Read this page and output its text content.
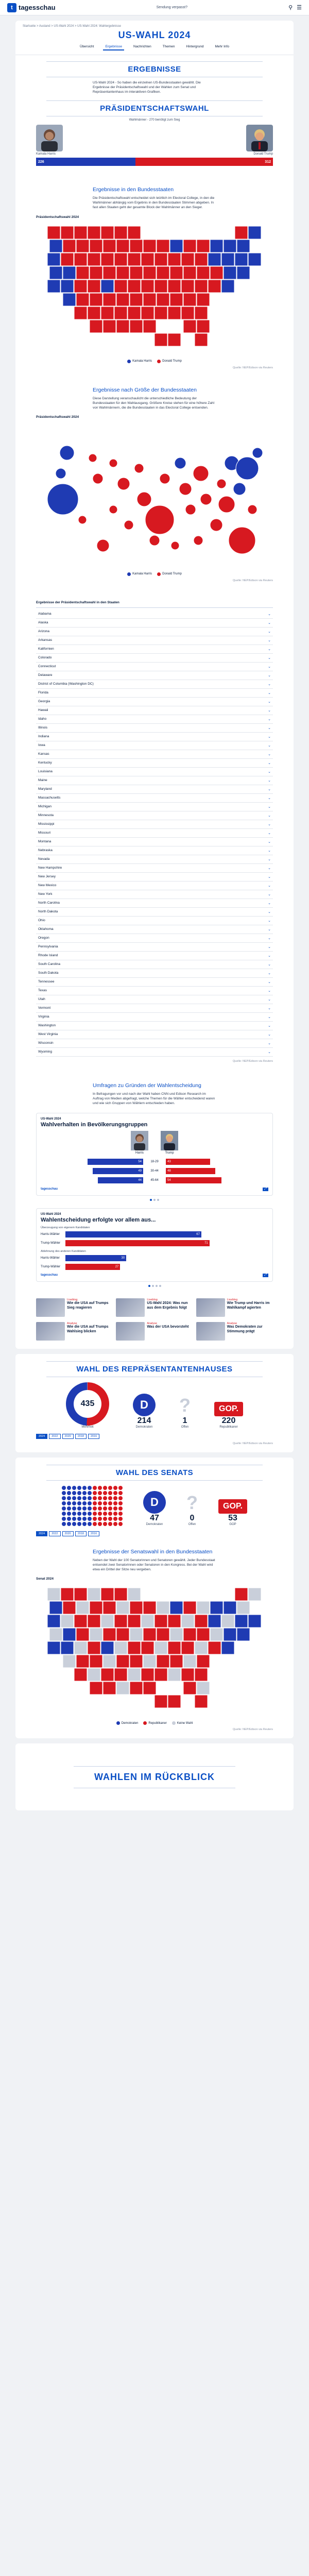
t tagesschau	Sendung verpasst?	⚲ ☰
Startseite > Ausland > US-Wahl 2024 > US-Wahl 2024: Wahlergebnisse
US-WAHL 2024
Übersicht	Ergebnisse	Nachrichten	Themen	Hintergrund	Mehr Info
ERGEBNISSE

US-Wahl 2024 - So haben die einzelnen US-Bundesstaaten gewählt. Die Ergebnisse der Präsidentschaftswahl und der Wahlen zum Senat und Repräsentantenhaus im interaktiven Grafiken.

PRÄSIDENTSCHAFTSWAHL
Wahlmänner - 270 benötigt zum Sieg
Kamala Harris	Donald Trump
226	312
Ergebnisse in den Bundesstaaten

Die Präsidentschaftswahl entscheidet sich letztlich im Electoral College, in den die Wahlmänner abhängig vom Ergebnis in den Bundesstaaten Stimmen abgeben. In fast allen Staaten geht der gesamte Block der Wahlmänner an den Sieger.

Präsidentschaftswahl 2024
Kamala Harris	Donald Trump
Quelle: NEP/Edison via Reuters
Ergebnisse nach Größe der Bundesstaaten

Diese Darstellung veranschaulicht die unterschiedliche Bedeutung der Bundesstaaten für den Wahlausgang. Größere Kreise stehen für eine höhere Zahl von Wahlmännern, die die Bundesstaaten in das Electoral College entsenden.

Präsidentschaftswahl 2024
Kamala Harris	Donald Trump
Quelle: NEP/Edison via Reuters
Ergebnisse der Präsidentschaftswahl in den Staaten
Alabama	⌄
Alaska	⌄
Arizona	⌄
Arkansas	⌄
Kalifornien	⌄
Colorado	⌄
Connecticut	⌄
Delaware	⌄
District of Columbia (Washington DC)	⌄
Florida	⌄
Georgia	⌄
Hawaii	⌄
Idaho	⌄
Illinois	⌄
Indiana	⌄
Iowa	⌄
Kansas	⌄
Kentucky	⌄
Louisiana	⌄
Maine	⌄
Maryland	⌄
Massachusetts	⌄
Michigan	⌄
Minnesota	⌄
Mississippi	⌄
Missouri	⌄
Montana	⌄
Nebraska	⌄
Nevada	⌄
New Hampshire	⌄
New Jersey	⌄
New Mexico	⌄
New York	⌄
North Carolina	⌄
North Dakota	⌄
Ohio	⌄
Oklahoma	⌄
Oregon	⌄
Pennsylvania	⌄
Rhode Island	⌄
South Carolina	⌄
South Dakota	⌄
Tennessee	⌄
Texas	⌄
Utah	⌄
Vermont	⌄
Virginia	⌄
Washington	⌄
West Virginia	⌄
Wisconsin	⌄
Wyoming	⌄
Quelle: NEP/Edison via Reuters
Umfragen zu Gründen der Wahlentscheidung

In Befragungen vor und nach der Wahl haben CNN und Edison Research im Auftrag von Medien abgefragt, welche Themen für die Wähler entscheidend waren und wie sich Gruppen von Wählern entschieden haben.

US-Wahl 2024
Wahlverhalten in Bevölkerungsgruppen
Harris	Trump
54	18-29	43
49	30-44	48
44	45-64	54
tagesschau	⤢
US-Wahl 2024
Wahlentscheidung erfolgte vor allem aus...
Überzeugung von eigenem Kandidaten
Harris-Wähler	67
Trump-Wähler	71
Ablehnung des anderen Kandidaten
Harris-Wähler	30
Trump-Wähler	27
tagesschau	⤢
Liveblog
Wie die USA auf Trumps Sieg reagieren
Analyse
Wie die USA auf Trumps Wahlsieg blicken
Liveblog
US-Wahl 2024: Was nun aus dem Ergebnis folgt
Analyse
Was der USA bevorsteht
Liveblog
Wie Trump und Harris im Wahlkampf agierten
Analyse
Was Demokraten zur Stimmung prägt
WAHL DES REPRÄSENTANTENHAUSES
435
Mehrheit
D
214
Demokraten
?
1
Offen
GOP.
220
Republikaner
2024	2022	2020	2018	2016
Quelle: NEP/Edison via Reuters
WAHL DES SENATS
D
47
Demokraten
?
0
Offen
GOP.
53
GOP
2024	2022	2020	2018	2016
Ergebnisse der Senatswahl in den Bundesstaaten

Neben der Wahl der 100 Senatorinnen und Senatoren gewählt. Jeder Bundesstaat entsendet zwei Senatorinnen oder Senatoren in den Kongress. Bei der Wahl wird etwa ein Drittel der Sitze neu vergeben.

Senat 2024
Demokraten	Republikaner	Keine Wahl
Quelle: NEP/Edison via Reuters
WAHLEN IM RÜCKBLICK
